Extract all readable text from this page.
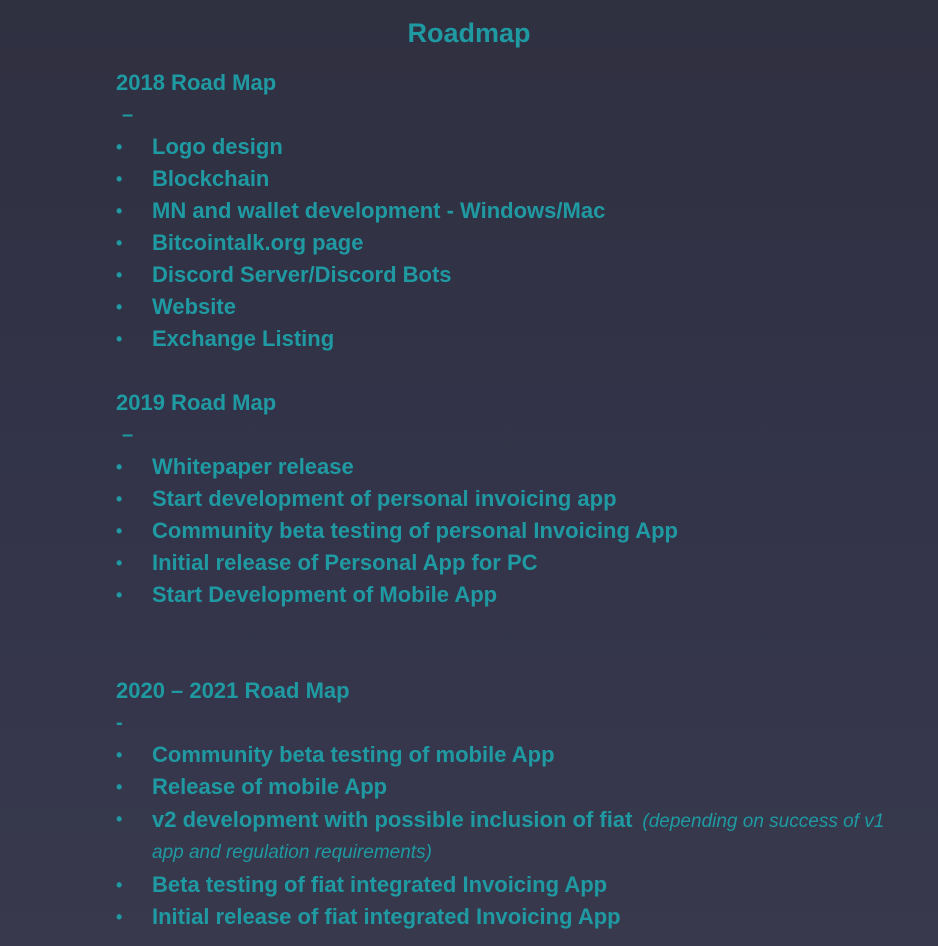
Roadmap
2018 Road Map
–
• Logo design
• Blockchain
• MN and wallet development - Windows/Mac
• Bitcointalk.org page
• Discord Server/Discord Bots
• Website
• Exchange Listing
2019 Road Map
–
• Whitepaper release
• Start development of personal invoicing app
• Community beta testing of personal Invoicing App
• Initial release of Personal App for PC
• Start Development of Mobile App
2020 – 2021 Road Map
-
• Community beta testing of mobile App
• Release of mobile App
• v2 development with possible inclusion of fiat (depending on success of v1 app and regulation requirements)
• Beta testing of fiat integrated Invoicing App
• Initial release of fiat integrated Invoicing App
